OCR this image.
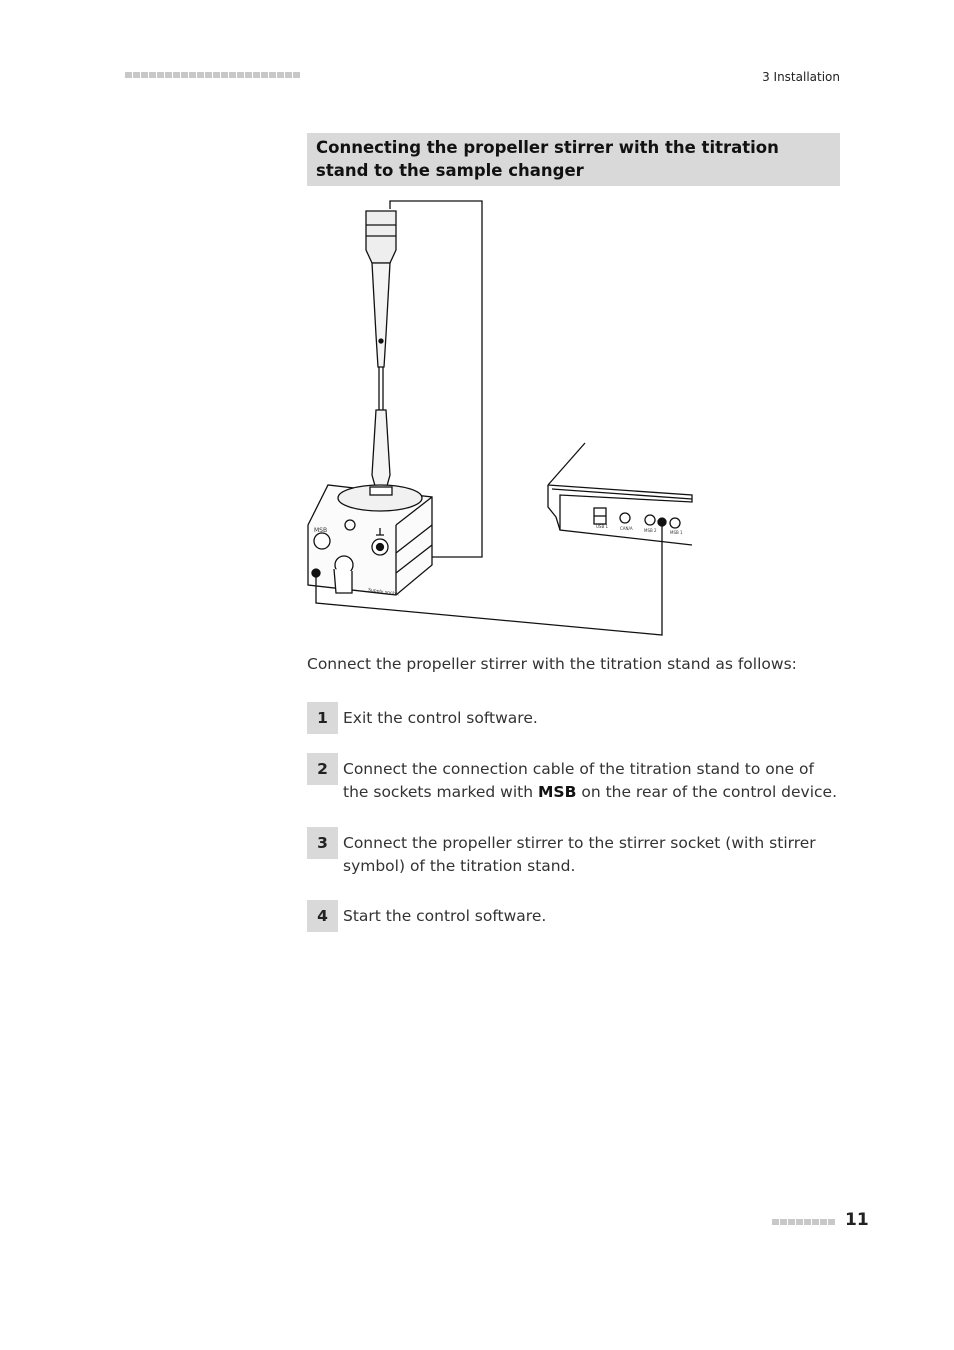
3 Installation
Connecting the propeller stirrer with the titration stand to the sample changer
MSB
Supply socket
USB 1	CAN/A	MSB 2	MSB 1
Connect the propeller stirrer with the titration stand as follows:
1 Exit the control software.
2 Connect the connection cable of the titration stand to one of the sockets marked with MSB on the rear of the control device.
3 Connect the propeller stirrer to the stirrer socket (with stirrer symbol) of the titration stand.
4 Start the control software.
11
